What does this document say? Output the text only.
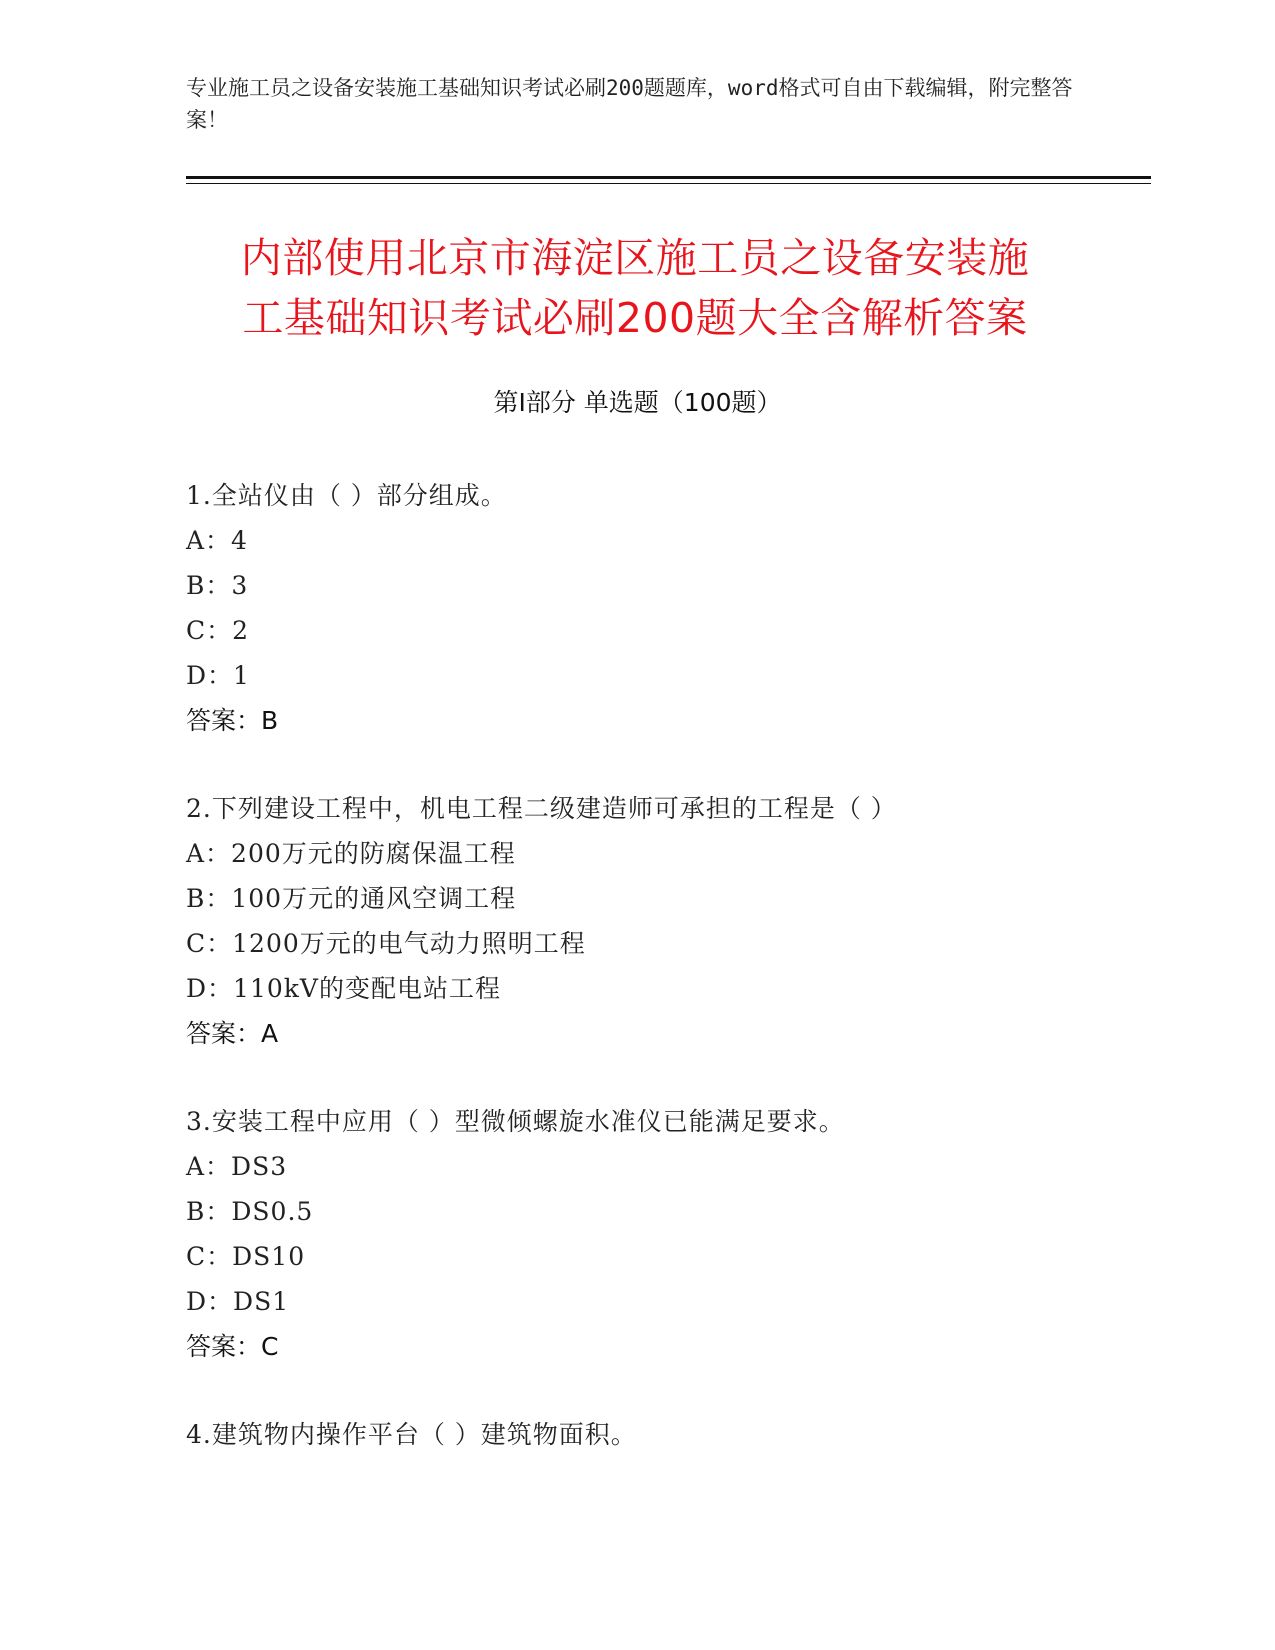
专业施工员之设备安装施工基础知识考试必刷200题题库，word格式可自由下载编辑，附完整答案！
内部使用北京市海淀区施工员之设备安装施
工基础知识考试必刷200题大全含解析答案
第Ⅰ部分 单选题（100题）
1.全站仪由（ ）部分组成。
A：4
B：3
C：2
D：1
答案：B
2.下列建设工程中，机电工程二级建造师可承担的工程是（ ）
A：200万元的防腐保温工程
B：100万元的通风空调工程
C：1200万元的电气动力照明工程
D：110kV的变配电站工程
答案：A
3.安装工程中应用（ ）型微倾螺旋水准仪已能满足要求。
A：DS3
B：DS0.5
C：DS10
D：DS1
答案：C
4.建筑物内操作平台（ ）建筑物面积。
